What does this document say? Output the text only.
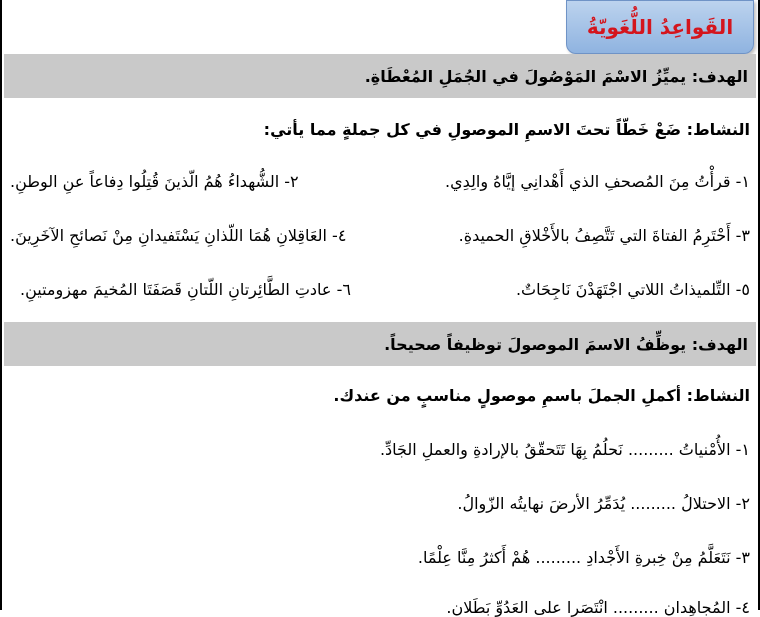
القَواعِدُ اللُّغَويّةُ
الهدف: يميِّزُ الاسْمَ المَوْصُولَ في الجُمَلِ المُعْطَاةِ.
النشاط: ضَعْ خَطّاً تحتَ الاسمِ الموصولِ في كل جملةٍ مما يأتي:
١- قرأْتُ مِنَ المُصحفِ الذي أَهْدانِي إيَّاهُ والِدِي.
٢- الشُّهداءُ هُمُ الّذينَ قُتِلُوا دِفاعاً عنِ الوطنِ.
٣- أَحْتَرِمُ الفتاةَ التي تَتَّصِفُ بالأَخْلاقِ الحميدةِ.
٤- العَاقِلانِ هُمَا اللّذانِ يَسْتَفيدانِ مِنْ نَصائحِ الآخَرِينَ.
٥- التِّلميذاتُ اللاتي اجْتَهَدْنَ نَاجِحَاتٌ.
٦- عادتِ الطَّائِرتانِ اللّتانِ قَصَفَتَا المُخيمَ مهزومتينِ.
الهدف: يوظِّفُ الاسمَ الموصولَ توظيفاً صحيحاً.
النشاط: أكملِ الجملَ باسمِ موصولٍ مناسبٍ من عندك.
١- الأُمْنياتُ ......... نَحلُمُ بِهَا تَتَحقّقُ بالإرادةِ والعملِ الجَادِّ.
٢- الاحتلالُ ......... يُدَمِّرُ الأرضَ نهايتُه الزّوالُ.
٣- نَتَعَلَّمُ مِنْ خِبرةِ الأَجْدادِ ......... هُمْ أَكثرُ مِنَّا عِلْمًا.
٤- المُجاهِدانِ ......... انْتَصَرا على العَدُوِّ بَطَلانِ.
